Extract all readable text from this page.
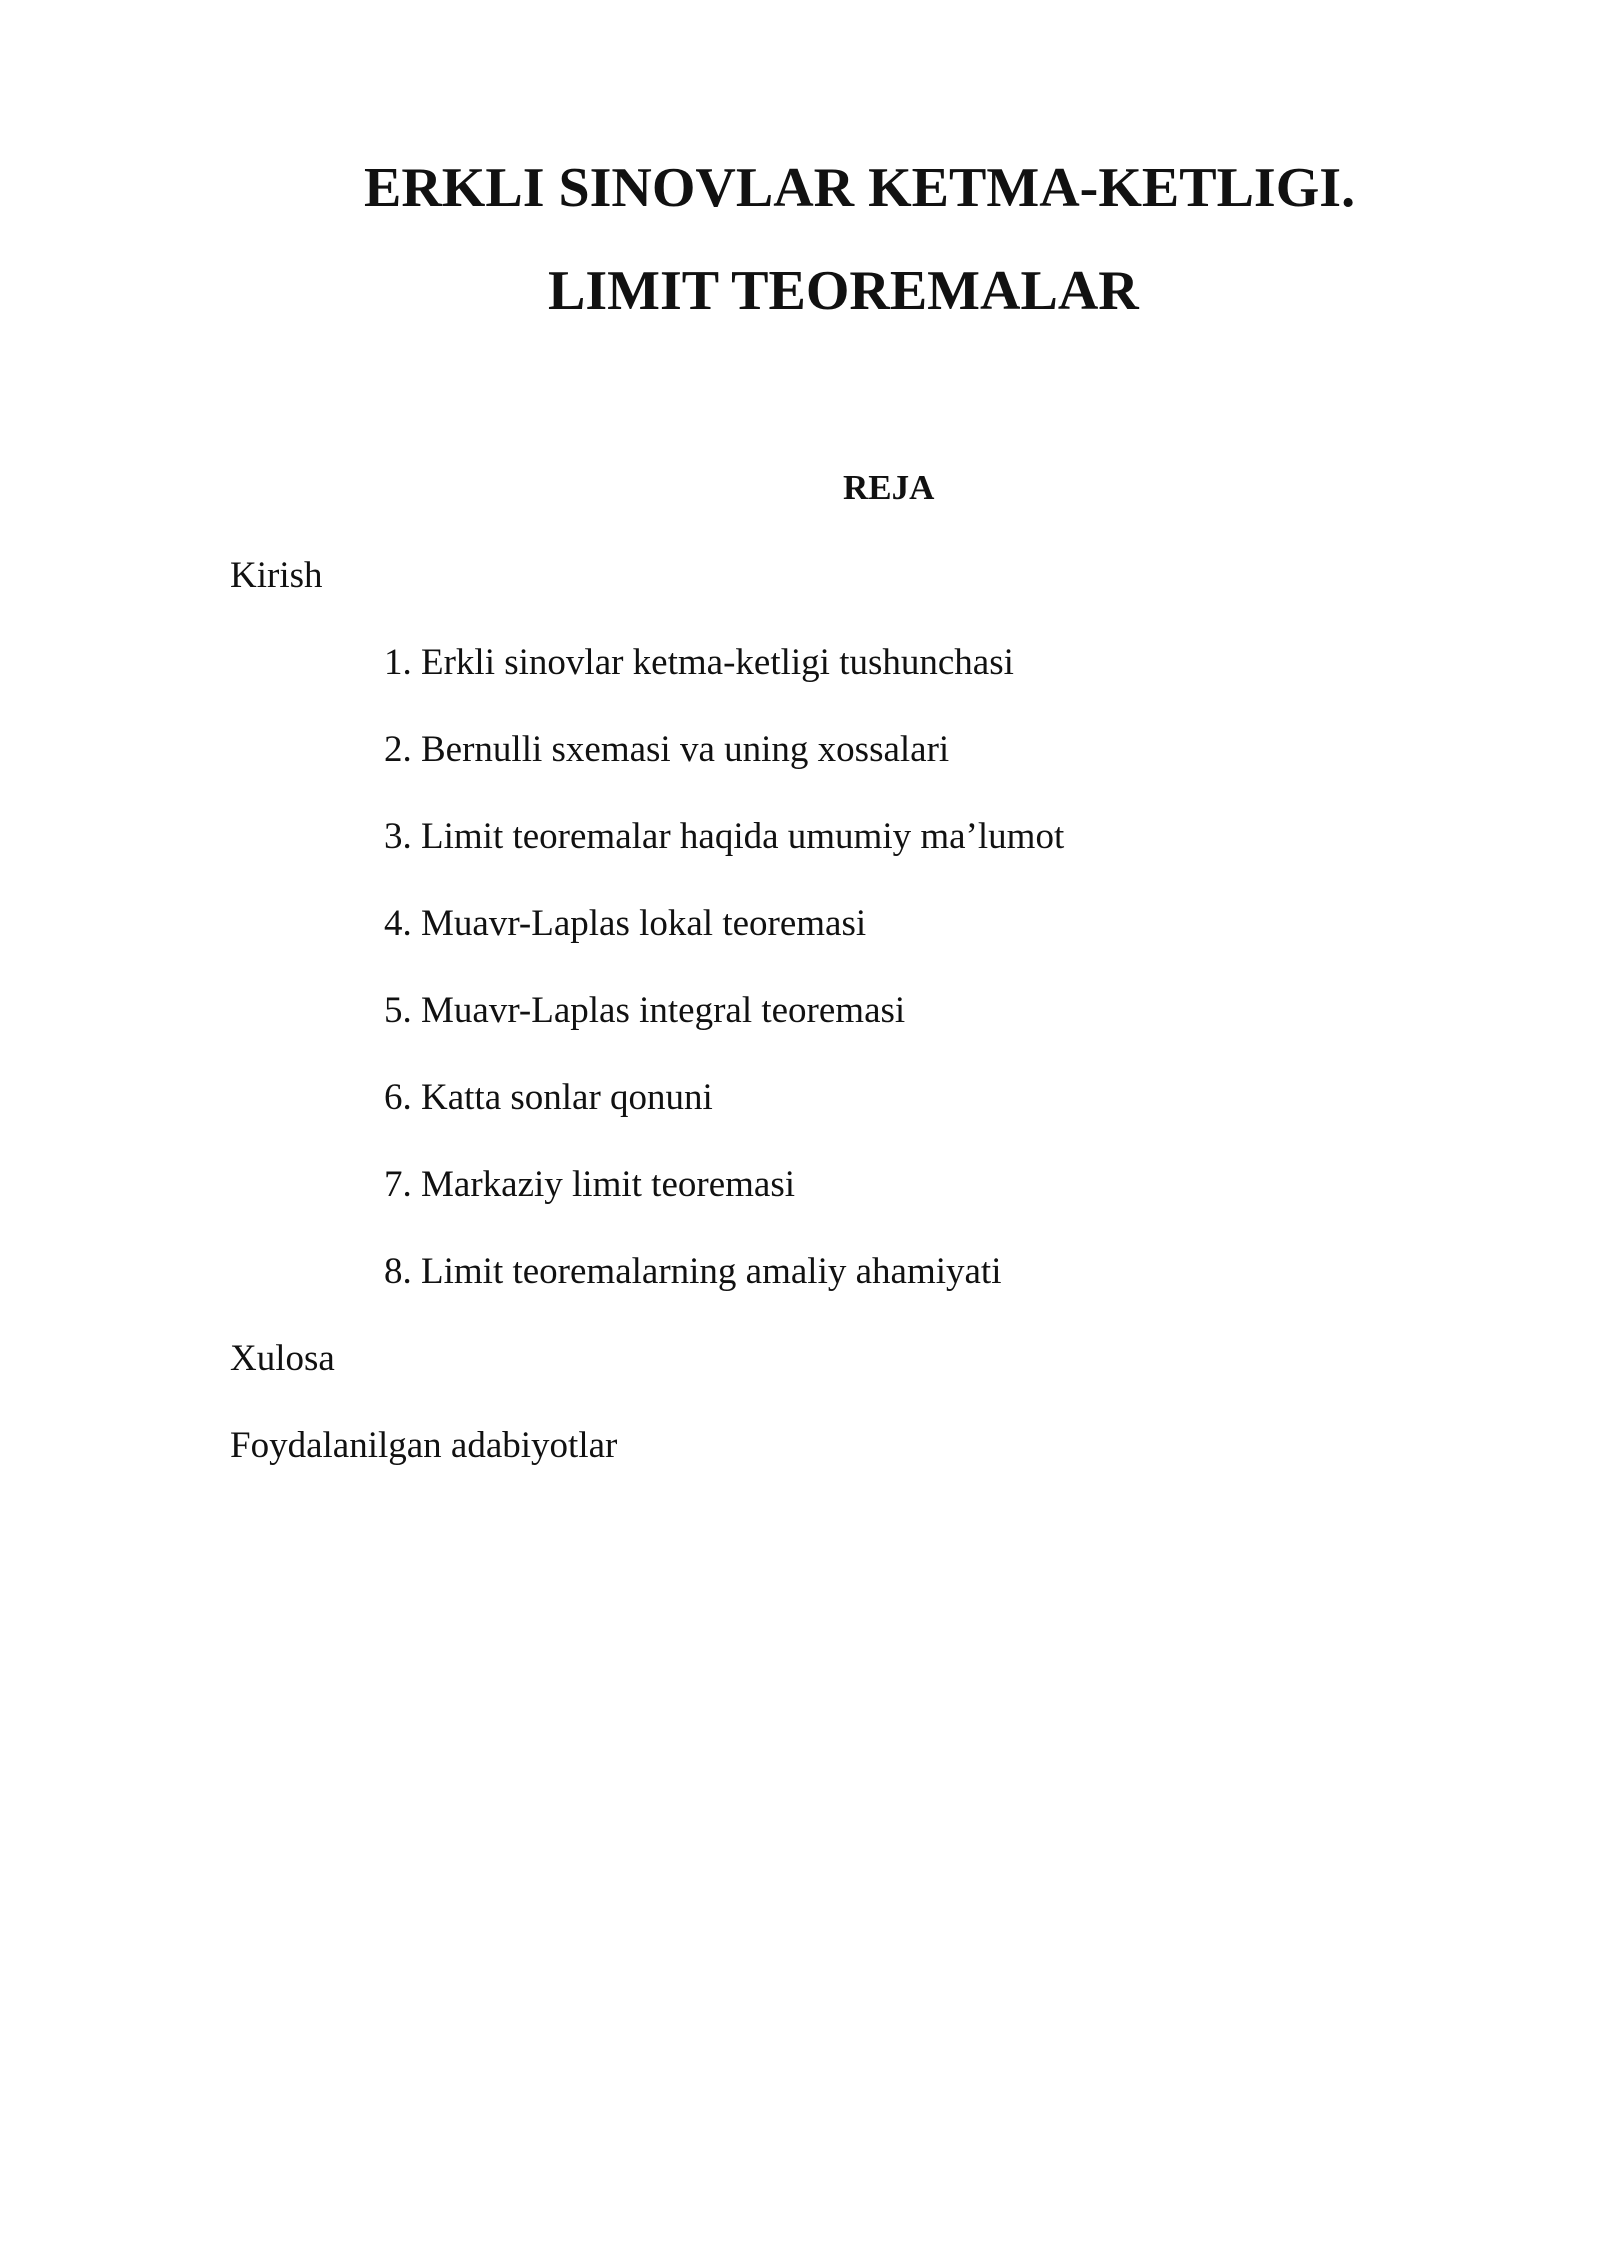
ERKLI SINOVLAR KETMA-KETLIGI.
LIMIT TEOREMALAR
REJA
Kirish
1. Erkli sinovlar ketma-ketligi tushunchasi
2. Bernulli sxemasi va uning xossalari
3. Limit teoremalar haqida umumiy ma’lumot
4. Muavr-Laplas lokal teoremasi
5. Muavr-Laplas integral teoremasi
6. Katta sonlar qonuni
7. Markaziy limit teoremasi
8. Limit teoremalarning amaliy ahamiyati
Xulosa
Foydalanilgan adabiyotlar
